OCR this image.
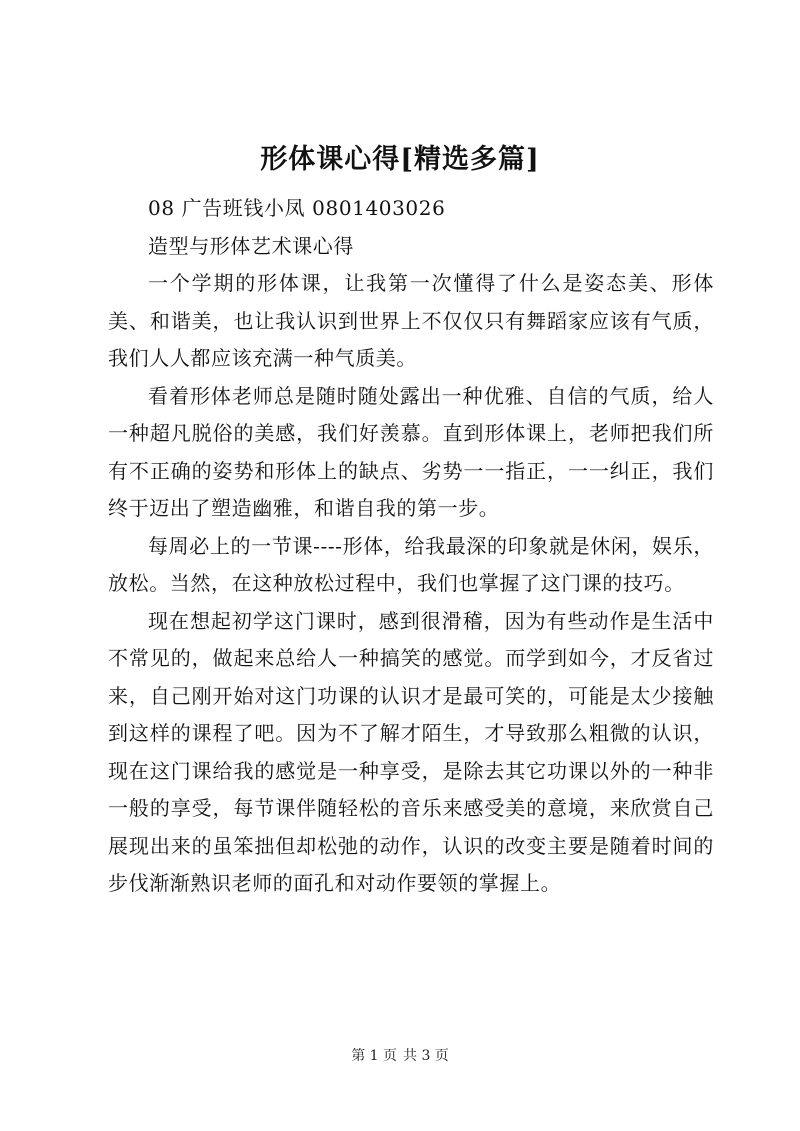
形体课心得[精选多篇]

08 广告班钱小凤 0801403026

造型与形体艺术课心得

一个学期的形体课，让我第一次懂得了什么是姿态美、形体美、和谐美，也让我认识到世界上不仅仅只有舞蹈家应该有气质，我们人人都应该充满一种气质美。

看着形体老师总是随时随处露出一种优雅、自信的气质，给人一种超凡脱俗的美感，我们好羡慕。直到形体课上，老师把我们所有不正确的姿势和形体上的缺点、劣势一一指正，一一纠正，我们终于迈出了塑造幽雅，和谐自我的第一步。

每周必上的一节课----形体，给我最深的印象就是休闲，娱乐，放松。当然，在这种放松过程中，我们也掌握了这门课的技巧。

现在想起初学这门课时，感到很滑稽，因为有些动作是生活中不常见的，做起来总给人一种搞笑的感觉。而学到如今，才反省过来，自己刚开始对这门功课的认识才是最可笑的，可能是太少接触到这样的课程了吧。因为不了解才陌生，才导致那么粗微的认识，现在这门课给我的感觉是一种享受，是除去其它功课以外的一种非一般的享受，每节课伴随轻松的音乐来感受美的意境，来欣赏自己展现出来的虽笨拙但却松弛的动作，认识的改变主要是随着时间的步伐渐渐熟识老师的面孔和对动作要领的掌握上。

第 1 页 共 3 页
